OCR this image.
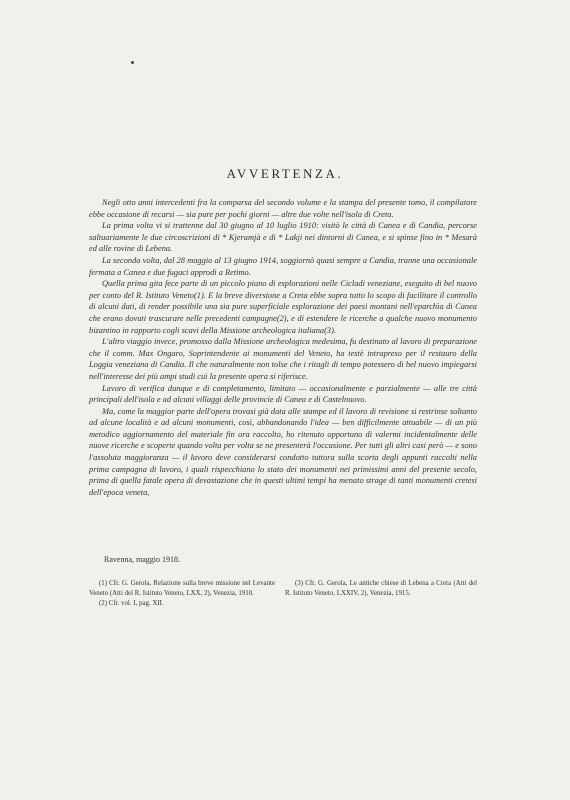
AVVERTENZA.

Negli otto anni intercedenti fra la comparsa del secondo volume e la stampa del presente tomo, il compilatore ebbe occasione di recarsi — sia pure per pochi giorni — altre due volte nell'isola di Creta.

La prima volta vi si trattenne dal 30 giugno al 10 luglio 1910: visitò le città di Canea e di Candia, percorse saltuariamente le due circoscrizioni di * Kjeramjà e di * Lakji nei dintorni di Canea, e si spinse fino in * Mesarà ed alle rovine di Lebena.

La seconda volta, dal 28 maggio al 13 giugno 1914, soggiornò quasi sempre a Candia, tranne una occasionale fermata a Canea e due fugaci approdi a Retimo.

Quella prima gita fece parte di un piccolo piano di esplorazioni nelle Cicladi veneziane, eseguito di bel nuovo per conto del R. Istituto Veneto(1). E la breve diversione a Creta ebbe sopra tutto lo scopo di facilitare il controllo di alcuni dati, di render possibile una sia pure superficiale esplorazione dei paesi montani nell'eparchìa di Canea che erano dovuti trascurare nelle precedenti campagne(2), e di estendere le ricerche a qualche nuovo monumento bizantino in rapporto cogli scavi della Missione archeologica italiana(3).

L'altro viaggio invece, promosso dalla Missione archeologica medesima, fu destinato al lavoro di preparazione che il comm. Max Ongaro, Soprintendente ai monumenti del Veneto, ha testè intrapreso per il restauro della Loggia veneziana di Candia. Il che naturalmente non tolse che i ritagli di tempo potessero di bel nuovo impiegarsi nell'interesse dei più ampi studi cui la presente opera si riferisce.

Lavoro di verifica dunque e di completamento, limitato — occasionalmente e parzialmente — alle tre città principali dell'isola e ad alcuni villaggi delle provincie di Canea e di Castelnuovo.

Ma, come la maggior parte dell'opera trovasi già data alle stampe ed il lavoro di revisione si restrinse soltanto ad alcune località e ad alcuni monumenti, così, abbandonando l'idea — ben difficilmente attuabile — di un più metodico aggiornamento del materiale fin ora raccolto, ho ritenuto opportuno di valermi incidentalmente delle nuove ricerche e scoperte quando volta per volta se ne presenterà l'occasione. Per tutti gli altri casi però — e sono l'assoluta maggioranza — il lavoro deve considerarsi condotto tuttora sulla scorta degli appunti raccolti nella prima campagna di lavoro, i quali rispecchiano lo stato dei monumenti nei primissimi anni del presente secolo, prima di quella fatale opera di devastazione che in questi ultimi tempi ha menato strage di tanti monumenti cretesi dell'epoca veneta,

Ravenna, maggio 1918.

(1) Cfr. G. Gerola, Relazione sulla breve missione nel Levante Veneto (Atti del R. Istituto Veneto, LXX, 2), Venezia, 1910.

(2) Cfr. vol. I, pag. XII.

(3) Cfr. G. Gerola, Le antiche chiese di Lebena a Creta (Atti del R. Istituto Veneto, LXXIV, 2), Venezia, 1915.
